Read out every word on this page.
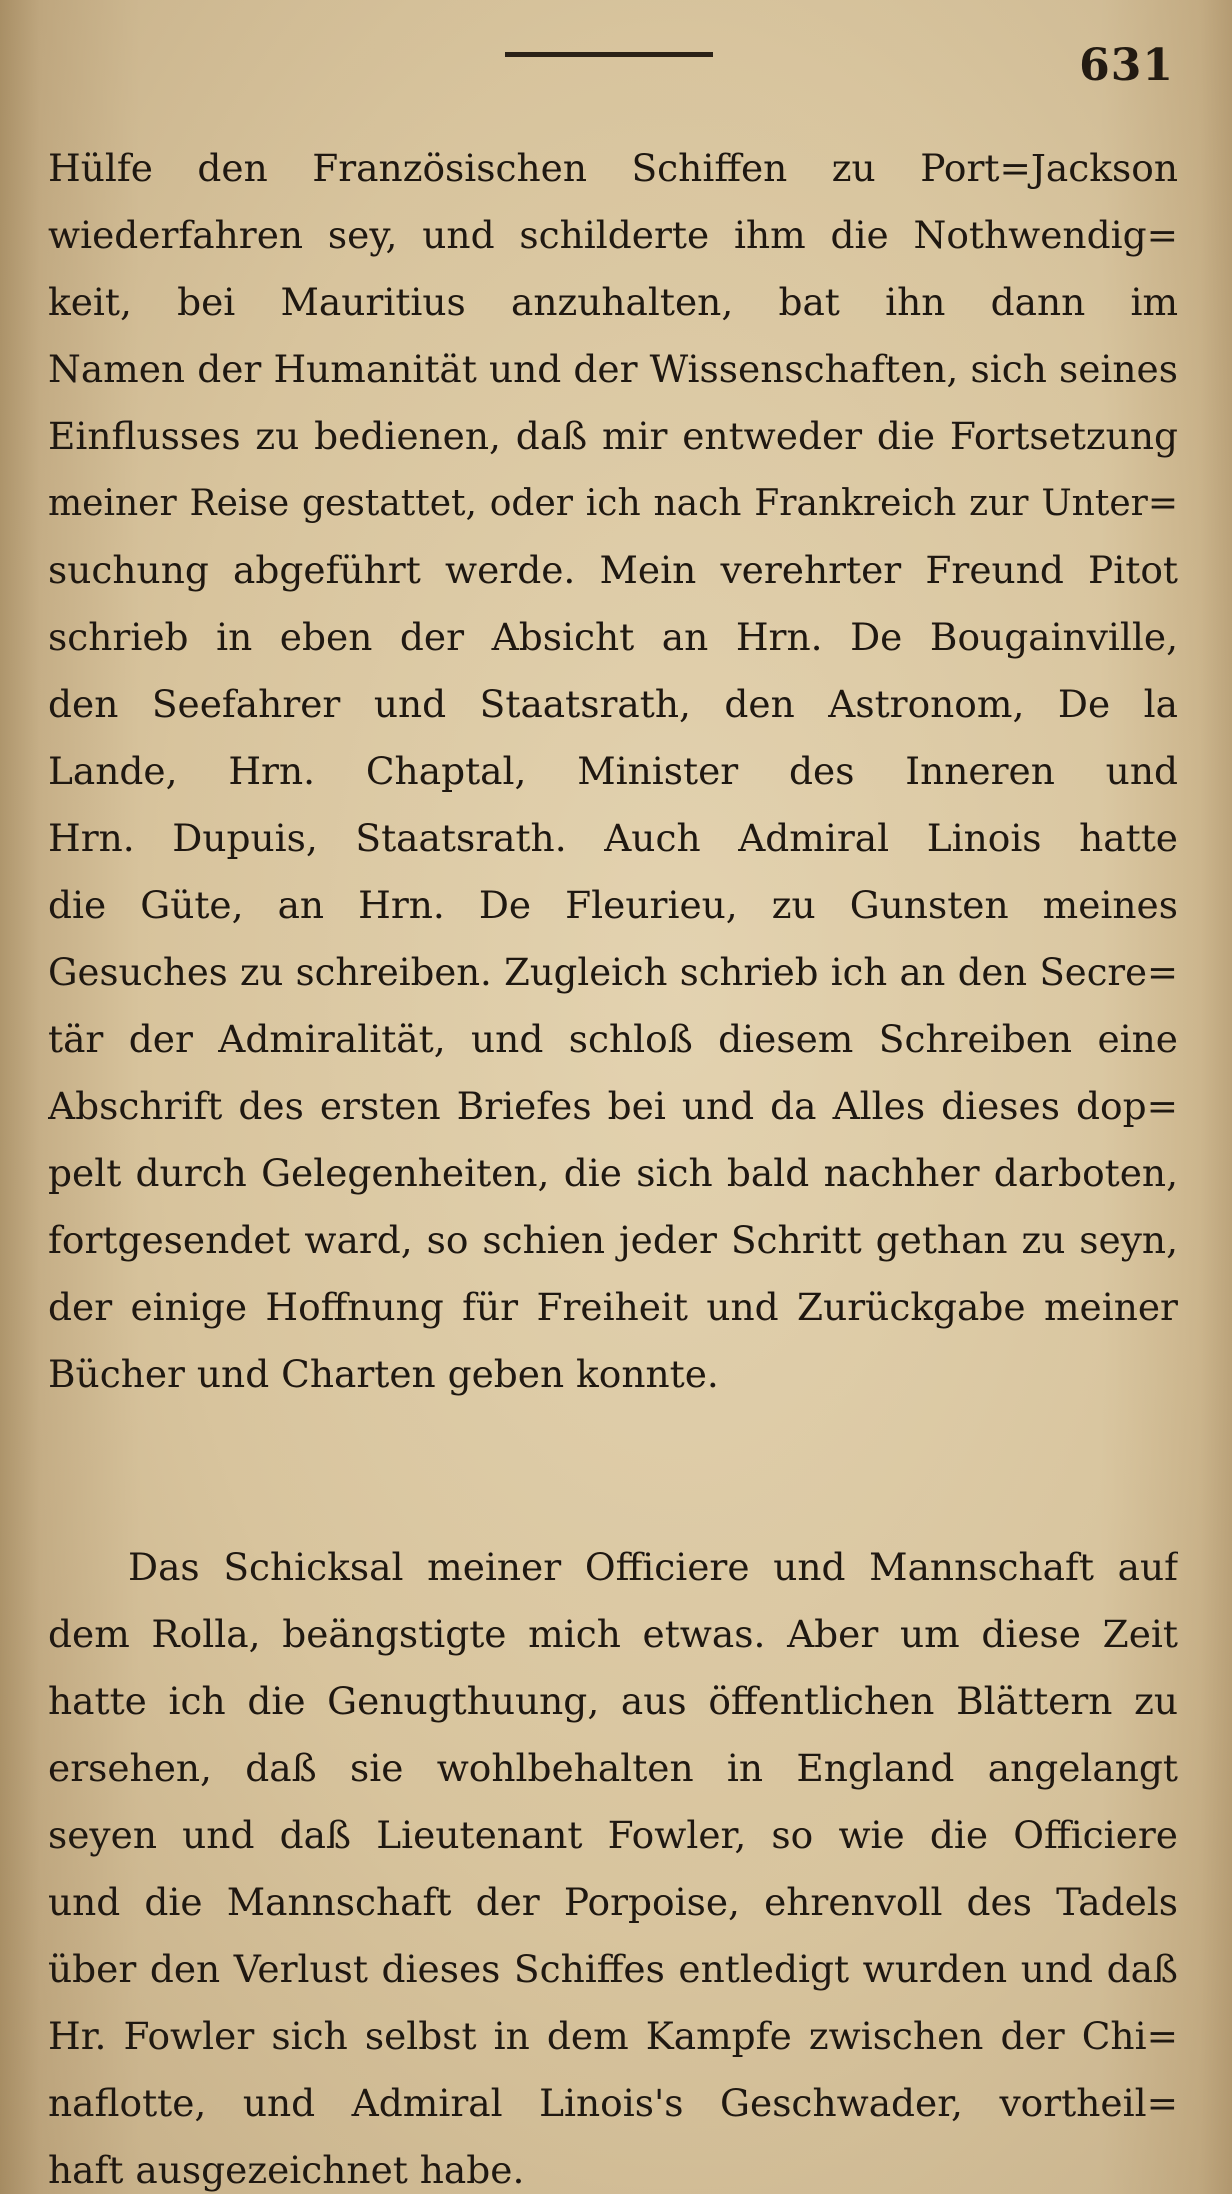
631
Hülfe den Französischen Schiffen zu Port=Jackson
wiederfahren sey, und schilderte ihm die Nothwendig=
keit, bei Mauritius anzuhalten, bat ihn dann im
Namen der Humanität und der Wissenschaften, sich seines
Einflusses zu bedienen, daß mir entweder die Fortsetzung
meiner Reise gestattet, oder ich nach Frankreich zur Unter=
suchung abgeführt werde. Mein verehrter Freund Pitot
schrieb in eben der Absicht an Hrn. De Bougainville,
den Seefahrer und Staatsrath, den Astronom, De la
Lande, Hrn. Chaptal, Minister des Inneren und
Hrn. Dupuis, Staatsrath. Auch Admiral Linois hatte
die Güte, an Hrn. De Fleurieu, zu Gunsten meines
Gesuches zu schreiben. Zugleich schrieb ich an den Secre=
tär der Admiralität, und schloß diesem Schreiben eine
Abschrift des ersten Briefes bei und da Alles dieses dop=
pelt durch Gelegenheiten, die sich bald nachher darboten,
fortgesendet ward, so schien jeder Schritt gethan zu seyn,
der einige Hoffnung für Freiheit und Zurückgabe meiner
Bücher und Charten geben konnte.
Das Schicksal meiner Officiere und Mannschaft auf
dem Rolla, beängstigte mich etwas. Aber um diese Zeit
hatte ich die Genugthuung, aus öffentlichen Blättern zu
ersehen, daß sie wohlbehalten in England angelangt
seyen und daß Lieutenant Fowler, so wie die Officiere
und die Mannschaft der Porpoise, ehrenvoll des Tadels
über den Verlust dieses Schiffes entledigt wurden und daß
Hr. Fowler sich selbst in dem Kampfe zwischen der Chi=
naflotte, und Admiral Linois's Geschwader, vortheil=
haft ausgezeichnet habe.
